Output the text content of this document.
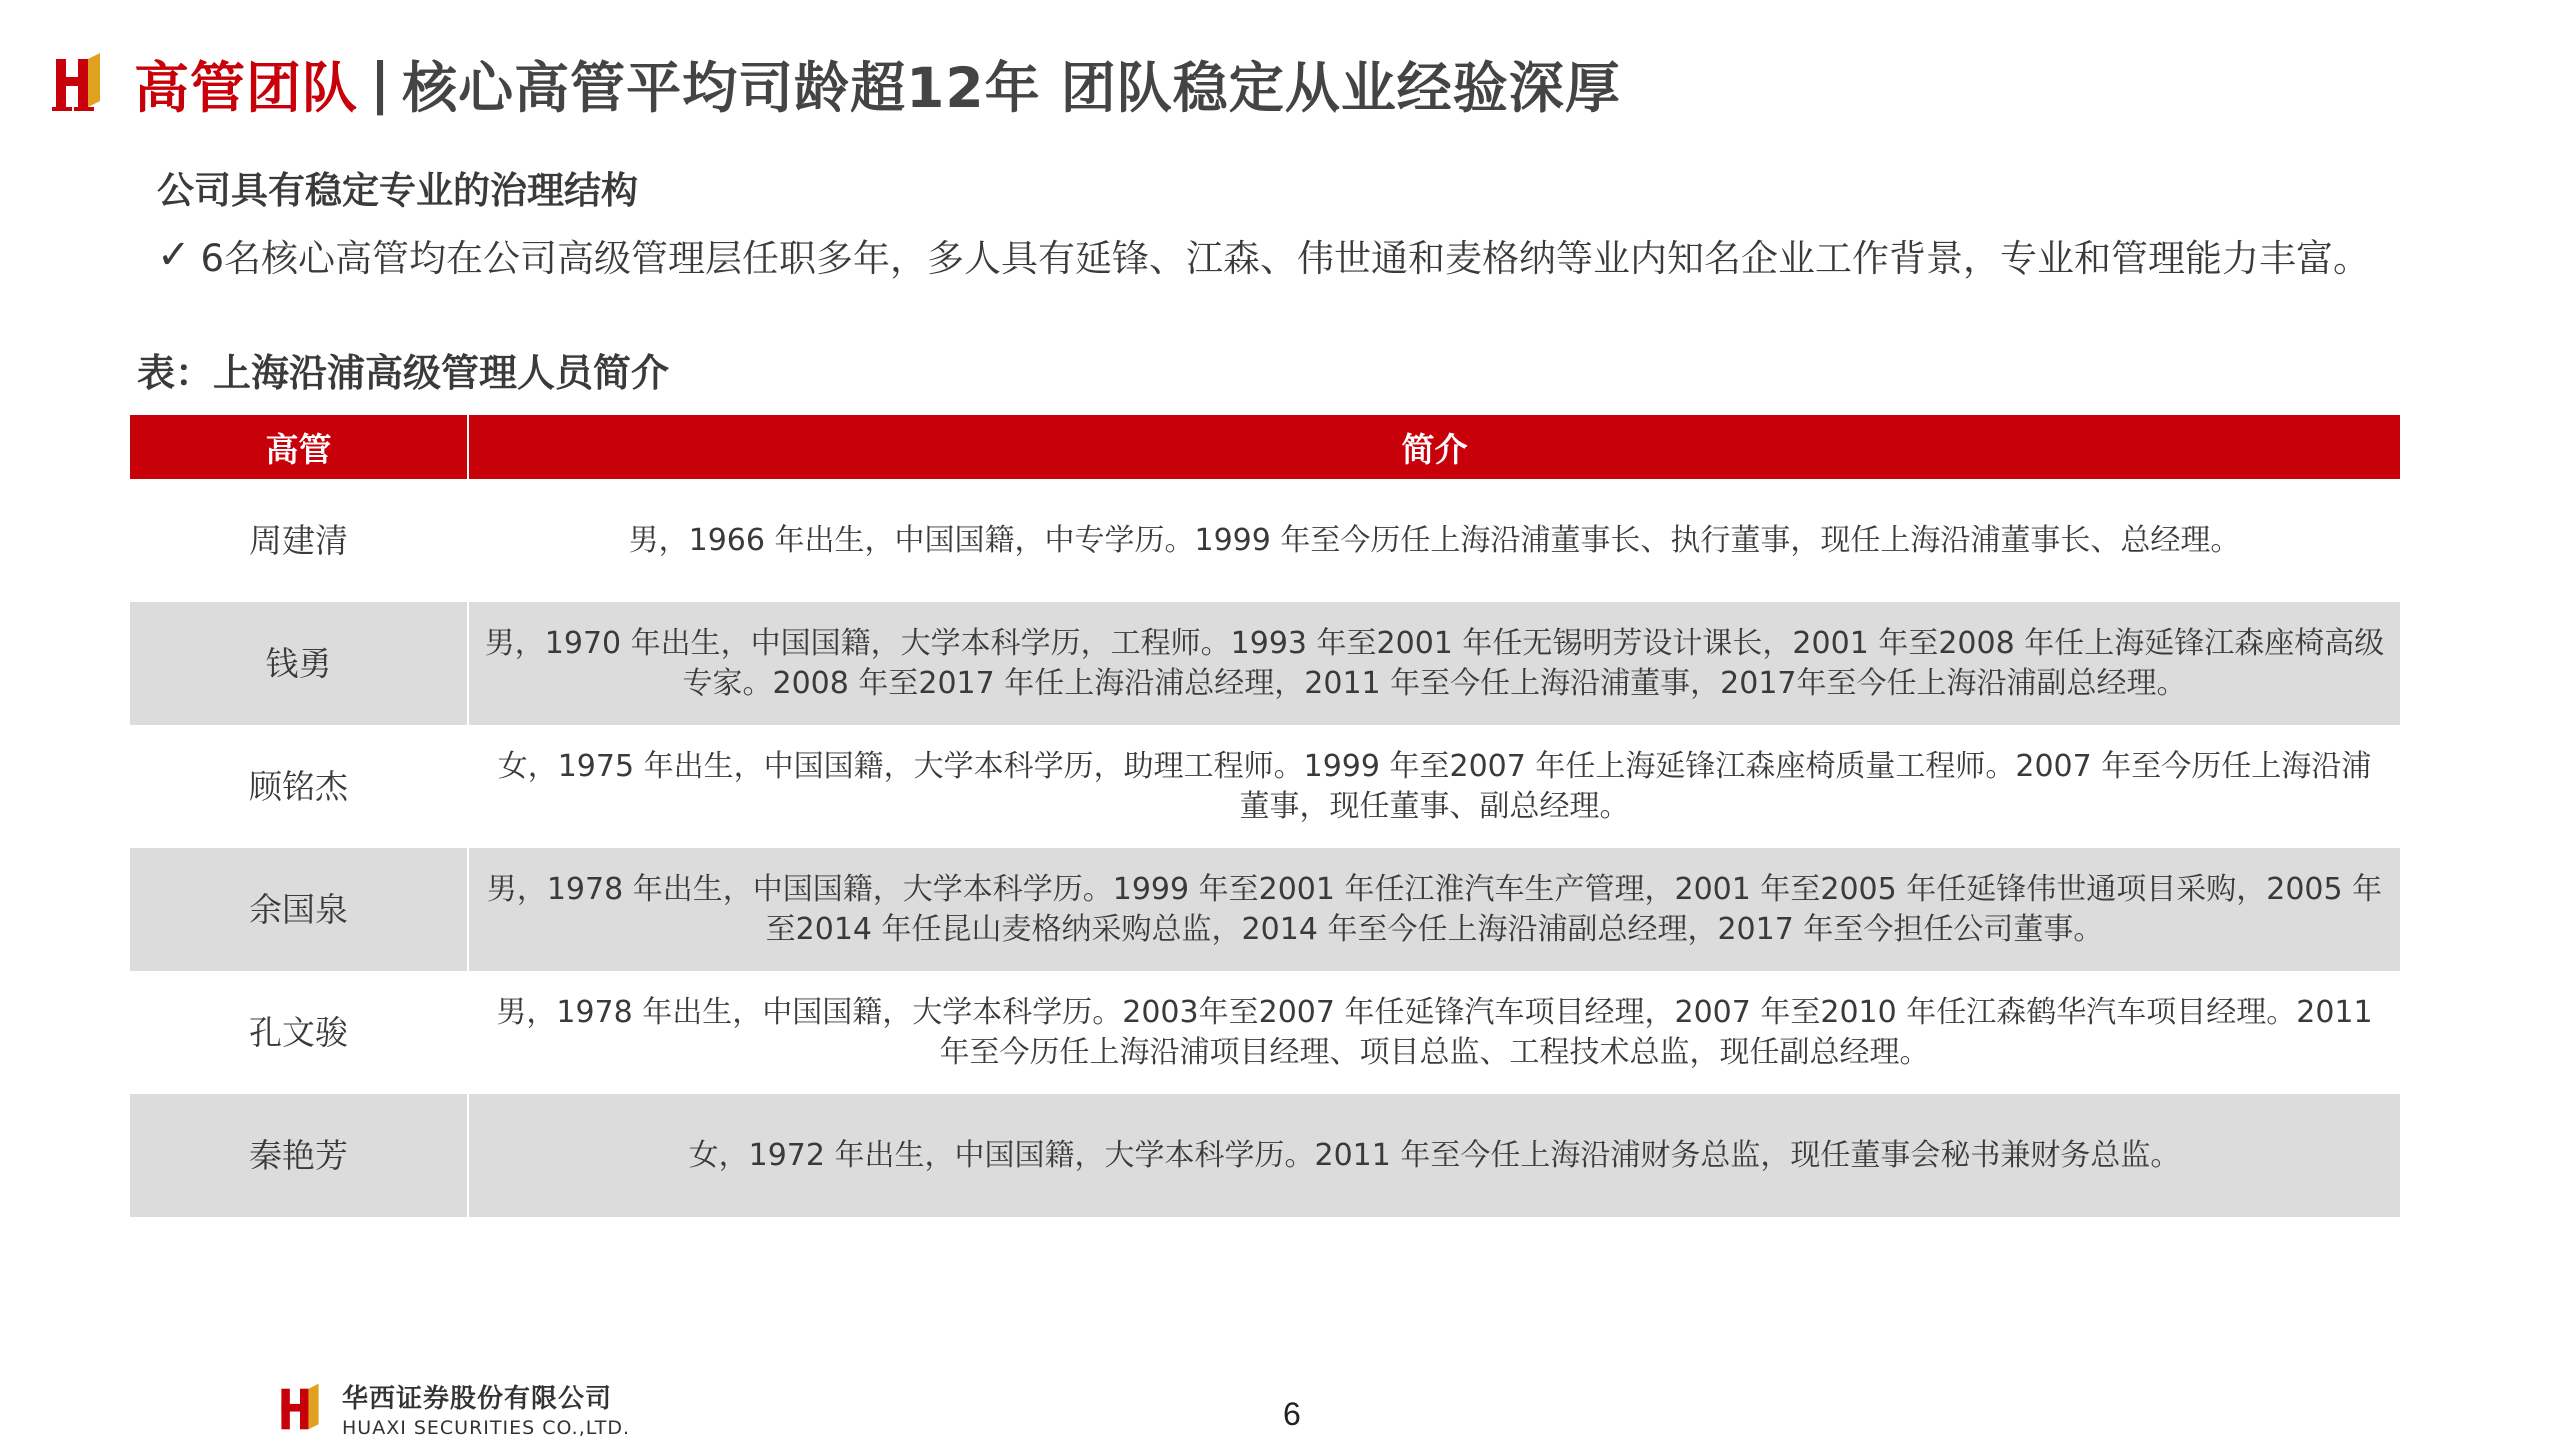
高管团队 | 核心高管平均司龄超12年 团队稳定从业经验深厚
公司具有稳定专业的治理结构
✓ 6名核心高管均在公司高级管理层任职多年，多人具有延锋、江森、伟世通和麦格纳等业内知名企业工作背景，专业和管理能力丰富。
表：上海沿浦高级管理人员简介
高管	简介
周建清	男，1966 年出生，中国国籍，中专学历。1999 年至今历任上海沿浦董事长、执行董事，现任上海沿浦董事长、总经理。
钱勇	男，1970 年出生，中国国籍，大学本科学历，工程师。1993 年至2001 年任无锡明芳设计课长，2001 年至2008 年任上海延锋江森座椅高级专家。2008 年至2017 年任上海沿浦总经理，2011 年至今任上海沿浦董事，2017年至今任上海沿浦副总经理。
顾铭杰	女，1975 年出生，中国国籍，大学本科学历，助理工程师。1999 年至2007 年任上海延锋江森座椅质量工程师。2007 年至今历任上海沿浦董事，现任董事、副总经理。
余国泉	男，1978 年出生，中国国籍，大学本科学历。1999 年至2001 年任江淮汽车生产管理，2001 年至2005 年任延锋伟世通项目采购，2005 年至2014 年任昆山麦格纳采购总监，2014 年至今任上海沿浦副总经理，2017 年至今担任公司董事。
孔文骏	男，1978 年出生，中国国籍，大学本科学历。2003年至2007 年任延锋汽车项目经理，2007 年至2010 年任江森鹤华汽车项目经理。2011 年至今历任上海沿浦项目经理、项目总监、工程技术总监，现任副总经理。
秦艳芳	女，1972 年出生，中国国籍，大学本科学历。2011 年至今任上海沿浦财务总监，现任董事会秘书兼财务总监。
华西证券股份有限公司
HUAXI SECURITIES CO.,LTD.	6
